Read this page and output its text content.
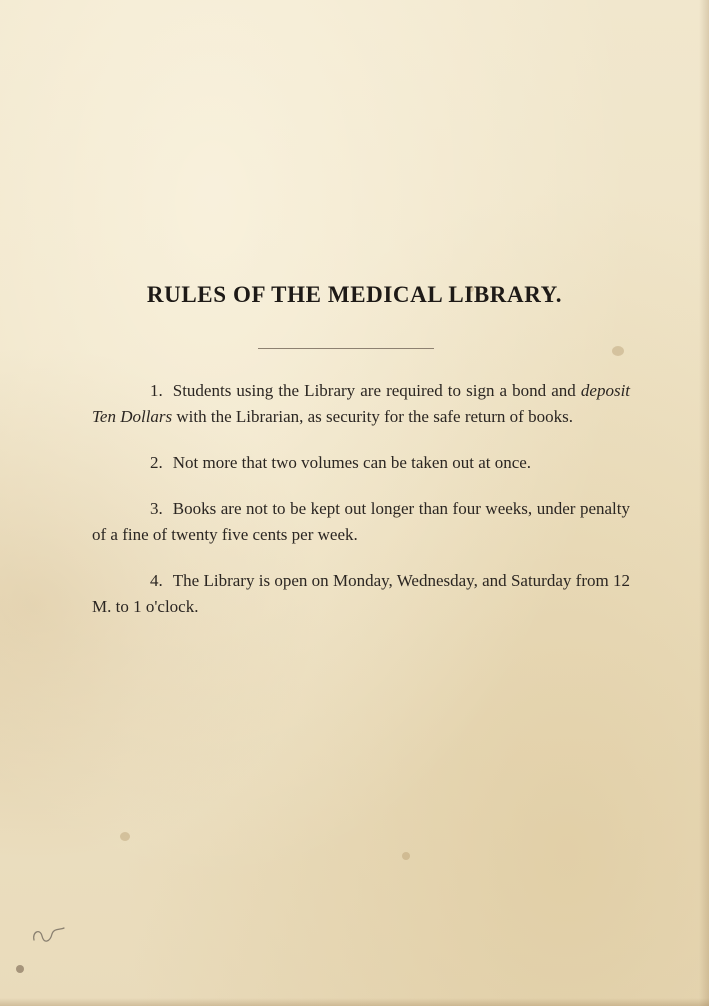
RULES OF THE MEDICAL LIBRARY.

1. Students using the Library are required to sign a bond and deposit Ten Dollars with the Librarian, as security for the safe return of books.

2. Not more that two volumes can be taken out at once.

3. Books are not to be kept out longer than four weeks, under penalty of a fine of twenty five cents per week.

4. The Library is open on Monday, Wednesday, and Saturday from 12 M. to 1 o'clock.
